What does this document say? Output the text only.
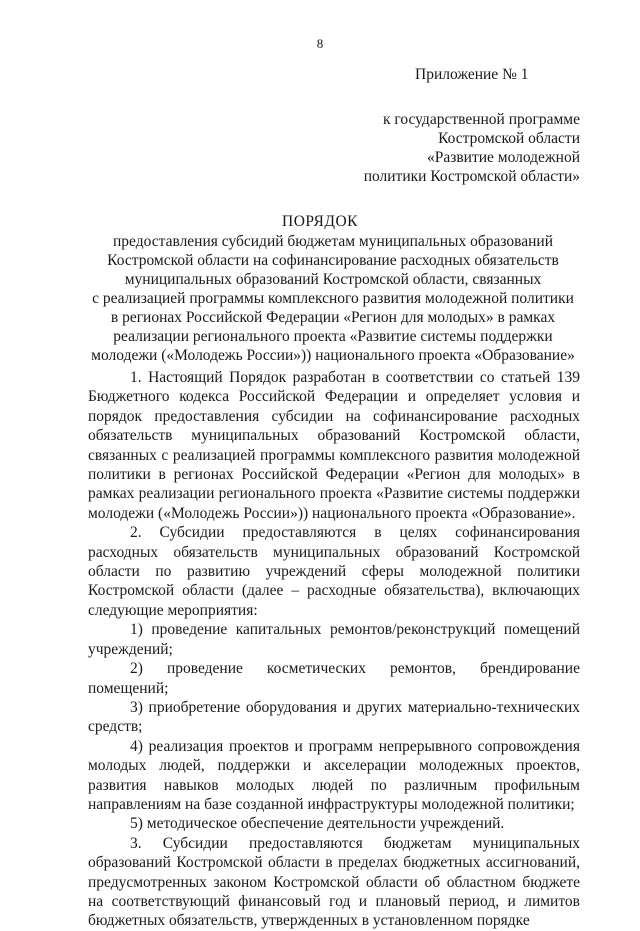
8
Приложение № 1
к государственной программе
Костромской области
«Развитие молодежной
политики Костромской области»
ПОРЯДОК
предоставления субсидий бюджетам муниципальных образований
Костромской области на софинансирование расходных обязательств
муниципальных образований Костромской области, связанных
с реализацией программы комплексного развития молодежной политики
в регионах Российской Федерации «Регион для молодых» в рамках
реализации регионального проекта «Развитие системы поддержки
молодежи («Молодежь России»)) национального проекта «Образование»

1. Настоящий Порядок разработан в соответствии со статьей 139 Бюджетного кодекса Российской Федерации и определяет условия и порядок предоставления субсидии на софинансирование расходных обязательств муниципальных образований Костромской области, связанных с реализацией программы комплексного развития молодежной политики в регионах Российской Федерации «Регион для молодых» в рамках реализации регионального проекта «Развитие системы поддержки молодежи («Молодежь России»)) национального проекта «Образование».

2. Субсидии предоставляются в целях софинансирования расходных обязательств муниципальных образований Костромской области по развитию учреждений сферы молодежной политики Костромской области (далее – расходные обязательства), включающих следующие мероприятия:

1) проведение капитальных ремонтов/реконструкций помещений учреждений;

2) проведение косметических ремонтов, брендирование помещений;

3) приобретение оборудования и других материально-технических средств;

4) реализация проектов и программ непрерывного сопровождения молодых людей, поддержки и акселерации молодежных проектов, развития навыков молодых людей по различным профильным направлениям на базе созданной инфраструктуры молодежной политики;

5) методическое обеспечение деятельности учреждений.

3. Субсидии предоставляются бюджетам муниципальных образований Костромской области в пределах бюджетных ассигнований, предусмотренных законом Костромской области об областном бюджете на соответствующий финансовый год и плановый период, и лимитов бюджетных обязательств, утвержденных в установленном порядке
